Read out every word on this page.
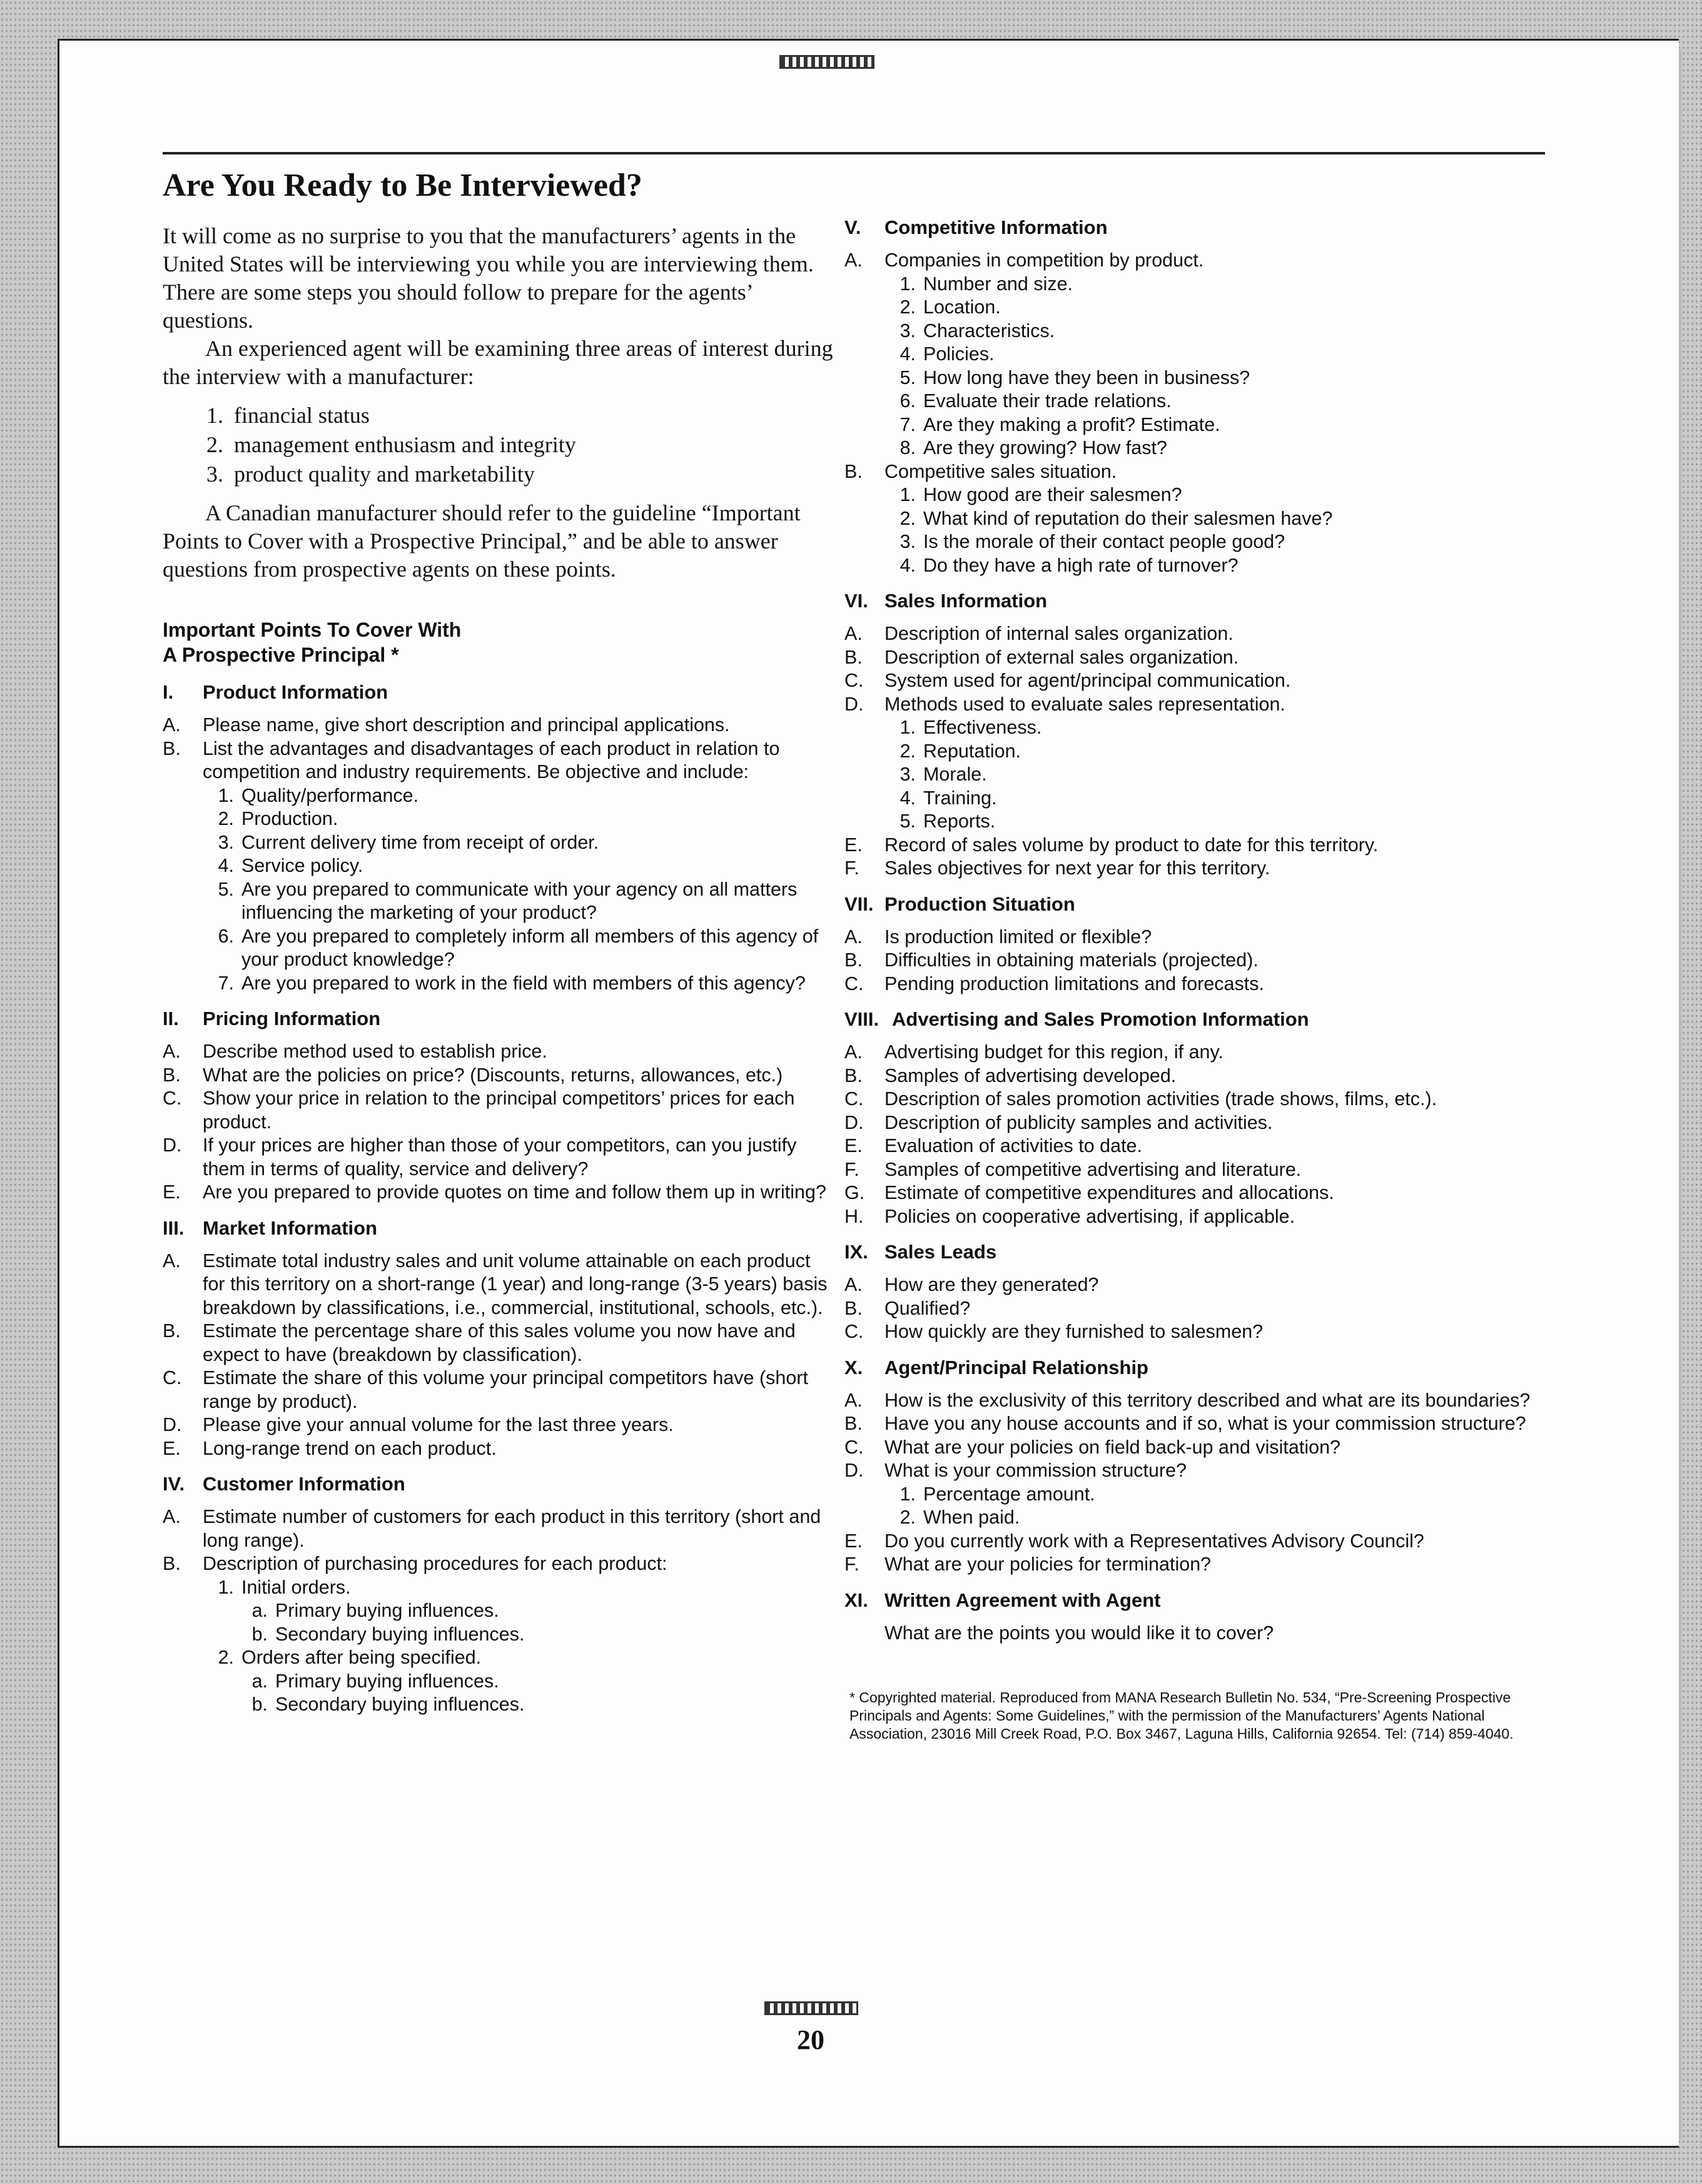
Are You Ready to Be Interviewed?

It will come as no surprise to you that the manufacturers’ agents in the United States will be interviewing you while you are interviewing them. There are some steps you should follow to prepare for the agents’ questions.

An experienced agent will be examining three areas of interest during the interview with a manufacturer:

1. financial status
2. management enthusiasm and integrity
3. product quality and marketability

A Canadian manufacturer should refer to the guideline “Important Points to Cover with a Prospective Principal,” and be able to answer questions from prospective agents on these points.

Important Points To Cover With
A Prospective Principal *
I.	Product Information
A.	Please name, give short description and principal applications.
B.	List the advantages and disadvantages of each product in relation to competition and industry requirements. Be objective and include:
1. Quality/performance.
2. Production.
3. Current delivery time from receipt of order.
4. Service policy.
5. Are you prepared to communicate with your agency on all matters influencing the marketing of your product?
6. Are you prepared to completely inform all members of this agency of your product knowledge?
7. Are you prepared to work in the field with members of this agency?
II.	Pricing Information
A.	Describe method used to establish price.
B.	What are the policies on price? (Discounts, returns, allowances, etc.)
C.	Show your price in relation to the principal competitors’ prices for each product.
D.	If your prices are higher than those of your competitors, can you justify them in terms of quality, service and delivery?
E.	Are you prepared to provide quotes on time and follow them up in writing?
III. Market Information
A.	Estimate total industry sales and unit volume attainable on each product for this territory on a short-range (1 year) and long-range (3-5 years) basis breakdown by classifications, i.e., commercial, institutional, schools, etc.).
B.	Estimate the percentage share of this sales volume you now have and expect to have (breakdown by classification).
C.	Estimate the share of this volume your principal competitors have (short range by product).
D.	Please give your annual volume for the last three years.
E.	Long-range trend on each product.
IV. Customer Information
A.	Estimate number of customers for each product in this territory (short and long range).
B.	Description of purchasing procedures for each product:
1. Initial orders.
a. Primary buying influences.
b. Secondary buying influences.
2. Orders after being specified.
a. Primary buying influences.
b. Secondary buying influences.
V.	Competitive Information
A.	Companies in competition by product.
1. Number and size.
2. Location.
3. Characteristics.
4. Policies.
5. How long have they been in business?
6. Evaluate their trade relations.
7. Are they making a profit? Estimate.
8. Are they growing? How fast?
B.	Competitive sales situation.
1. How good are their salesmen?
2. What kind of reputation do their salesmen have?
3. Is the morale of their contact people good?
4. Do they have a high rate of turnover?
VI. Sales Information
A.	Description of internal sales organization.
B.	Description of external sales organization.
C.	System used for agent/principal communication.
D.	Methods used to evaluate sales representation.
1. Effectiveness.
2. Reputation.
3. Morale.
4. Training.
5. Reports.
E.	Record of sales volume by product to date for this territory.
F.	Sales objectives for next year for this territory.
VII. Production Situation
A.	Is production limited or flexible?
B.	Difficulties in obtaining materials (projected).
C.	Pending production limitations and forecasts.
VIII. Advertising and Sales Promotion Information
A.	Advertising budget for this region, if any.
B.	Samples of advertising developed.
C.	Description of sales promotion activities (trade shows, films, etc.).
D.	Description of publicity samples and activities.
E.	Evaluation of activities to date.
F.	Samples of competitive advertising and literature.
G.	Estimate of competitive expenditures and allocations.
H.	Policies on cooperative advertising, if applicable.
IX. Sales Leads
A.	How are they generated?
B.	Qualified?
C.	How quickly are they furnished to salesmen?
X.	Agent/Principal Relationship
A.	How is the exclusivity of this territory described and what are its boundaries?
B.	Have you any house accounts and if so, what is your commission structure?
C.	What are your policies on field back-up and visitation?
D.	What is your commission structure?
1. Percentage amount.
2. When paid.
E.	Do you currently work with a Representatives Advisory Council?
F.	What are your policies for termination?
XI. Written Agreement with Agent
What are the points you would like it to cover?
* Copyrighted material. Reproduced from MANA Research Bulletin No. 534, “Pre-Screening Prospective Principals and Agents: Some Guidelines,” with the permission of the Manufacturers’ Agents National Association, 23016 Mill Creek Road, P.O. Box 3467, Laguna Hills, California 92654. Tel: (714) 859-4040.
20
